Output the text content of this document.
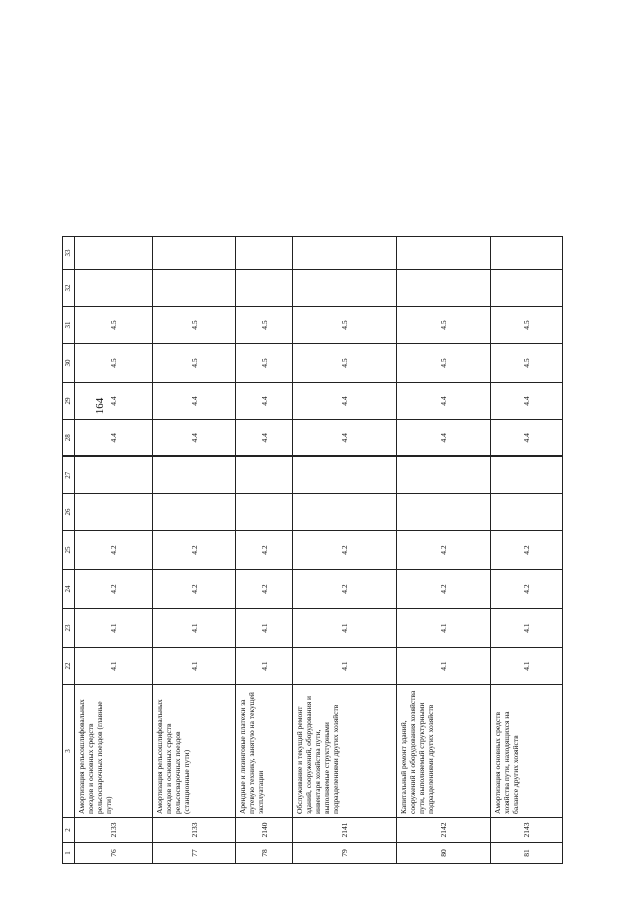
164
1	2	3	22	23	24	25	26	27	28	29	30	31	32	33
76	2133	Амортизация рельсошлифовальных поездов и основных средств рельсосварочных поездов (главные пути)	4.1	4.1	4.2	4.2			4.4	4.4	4.5	4.5		
77	2133	Амортизация рельсошлифовальных поездов и основных средств рельсосварочных поездов (станционные пути)	4.1	4.1	4.2	4.2			4.4	4.4	4.5	4.5		
78	2140	Арендные и лизинговые платежи за путевую технику, занятую на текущей эксплуатации	4.1	4.1	4.2	4.2			4.4	4.4	4.5	4.5		
79	2141	Обслуживание и текущий ремонт зданий, сооружений, оборудования и инвентаря хозяйства пути, выполняемые структурными подразделениями других хозяйств	4.1	4.1	4.2	4.2			4.4	4.4	4.5	4.5		
80	2142	Капитальный ремонт зданий, сооружений и оборудования хозяйства пути, выполняемый структурными подразделениями других хозяйств	4.1	4.1	4.2	4.2			4.4	4.4	4.5	4.5		
81	2143	Амортизация основных средств хозяйства пути, находящихся на балансе других хозяйств	4.1	4.1	4.2	4.2			4.4	4.4	4.5	4.5		
